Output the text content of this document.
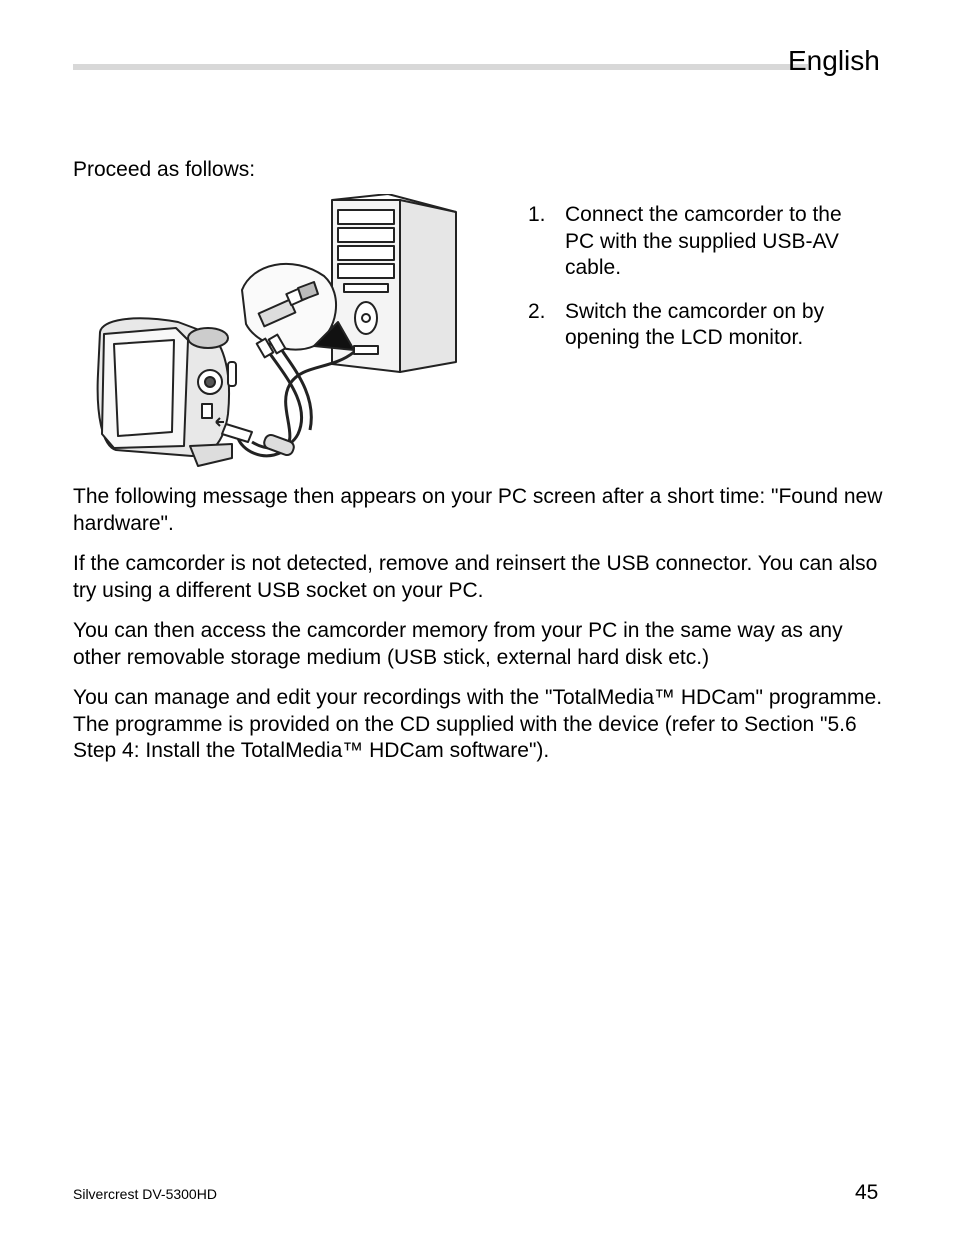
English
Proceed as follows:
1. Connect the camcorder to the PC with the supplied USB-AV cable.
2. Switch the camcorder on by opening the LCD monitor.

The following message then appears on your PC screen after a short time: "Found new hardware".

If the camcorder is not detected, remove and reinsert the USB connector. You can also try using a different USB socket on your PC.

You can then access the camcorder memory from your PC in the same way as any other removable storage medium (USB stick, external hard disk etc.)

You can manage and edit your recordings with the "TotalMedia™ HDCam" programme. The programme is provided on the CD supplied with the device (refer to Section "5.6 Step 4: Install the TotalMedia™ HDCam software").

Silvercrest DV-5300HD	45
